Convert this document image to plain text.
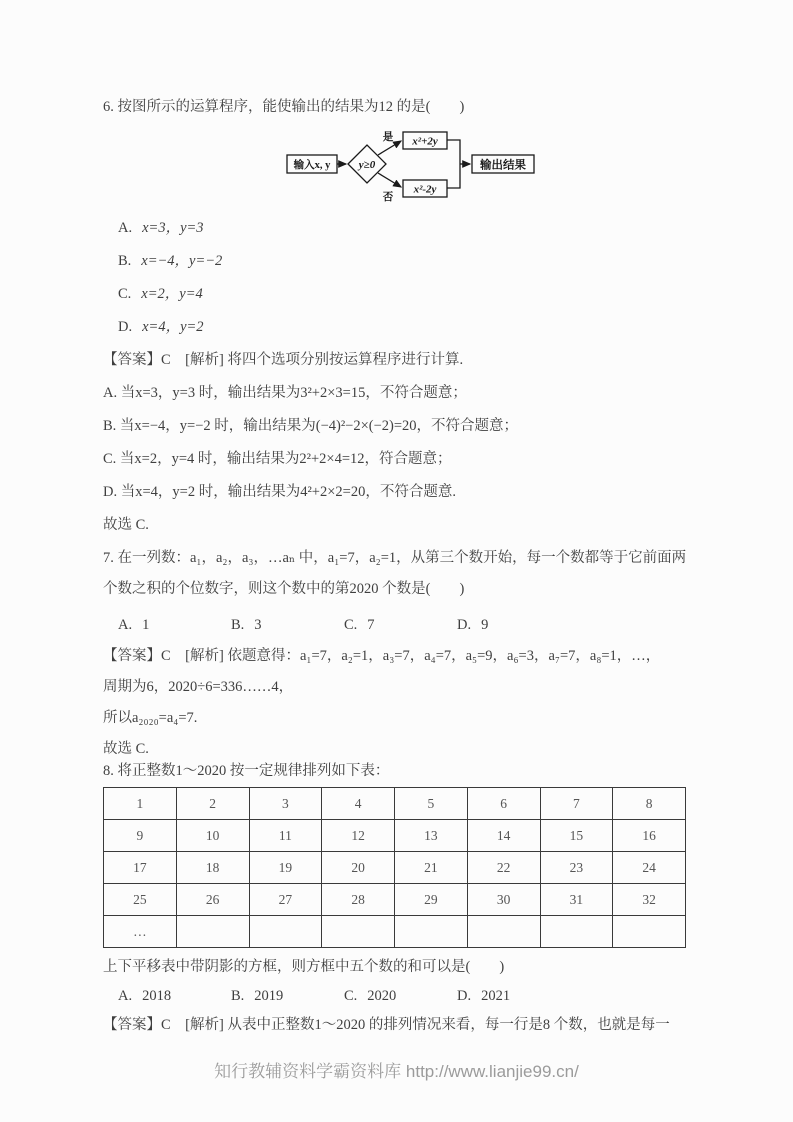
6. 按图所示的运算程序，能使输出的结果为12 的是(　　)

输入x, y	y≥0
是
否
x²+2y
x²-2y
输出结果
A. x=3，y=3
B. x=−4，y=−2
C. x=2，y=4
D. x=4，y=2

【答案】C　[解析] 将四个选项分别按运算程序进行计算.

A. 当x=3，y=3 时，输出结果为3²+2×3=15，不符合题意；

B. 当x=−4，y=−2 时，输出结果为(−4)²−2×(−2)=20，不符合题意；

C. 当x=2，y=4 时，输出结果为2²+2×4=12，符合题意；

D. 当x=4，y=2 时，输出结果为4²+2×2=20，不符合题意.

故选 C.

7. 在一列数：a₁，a₂，a₃，…aₙ 中，a₁=7，a₂=1，从第三个数开始，每一个数都等于它前面两个数之积的个位数字，则这个数中的第2020 个数是(　　)

A. 1	B. 3	C. 7	D. 9

【答案】C　[解析] 依题意得：a₁=7，a₂=1，a₃=7，a₄=7，a₅=9，a₆=3，a₇=7，a₈=1，…，

周期为6，2020÷6=336……4，

所以a₂₀₂₀=a₄=7.

故选 C.

8. 将正整数1～2020 按一定规律排列如下表：

1	2	3	4	5	6	7	8
9	10	11	12	13	14	15	16
17	18	19	20	21	22	23	24
25	26	27	28	29	30	31	32
…							

上下平移表中带阴影的方框，则方框中五个数的和可以是(　　)

A. 2018	B. 2019	C. 2020	D. 2021

【答案】C　[解析] 从表中正整数1～2020 的排列情况来看，每一行是8 个数，也就是每一

知行教辅资料学霸资料库 http://www.lianjie99.cn/
